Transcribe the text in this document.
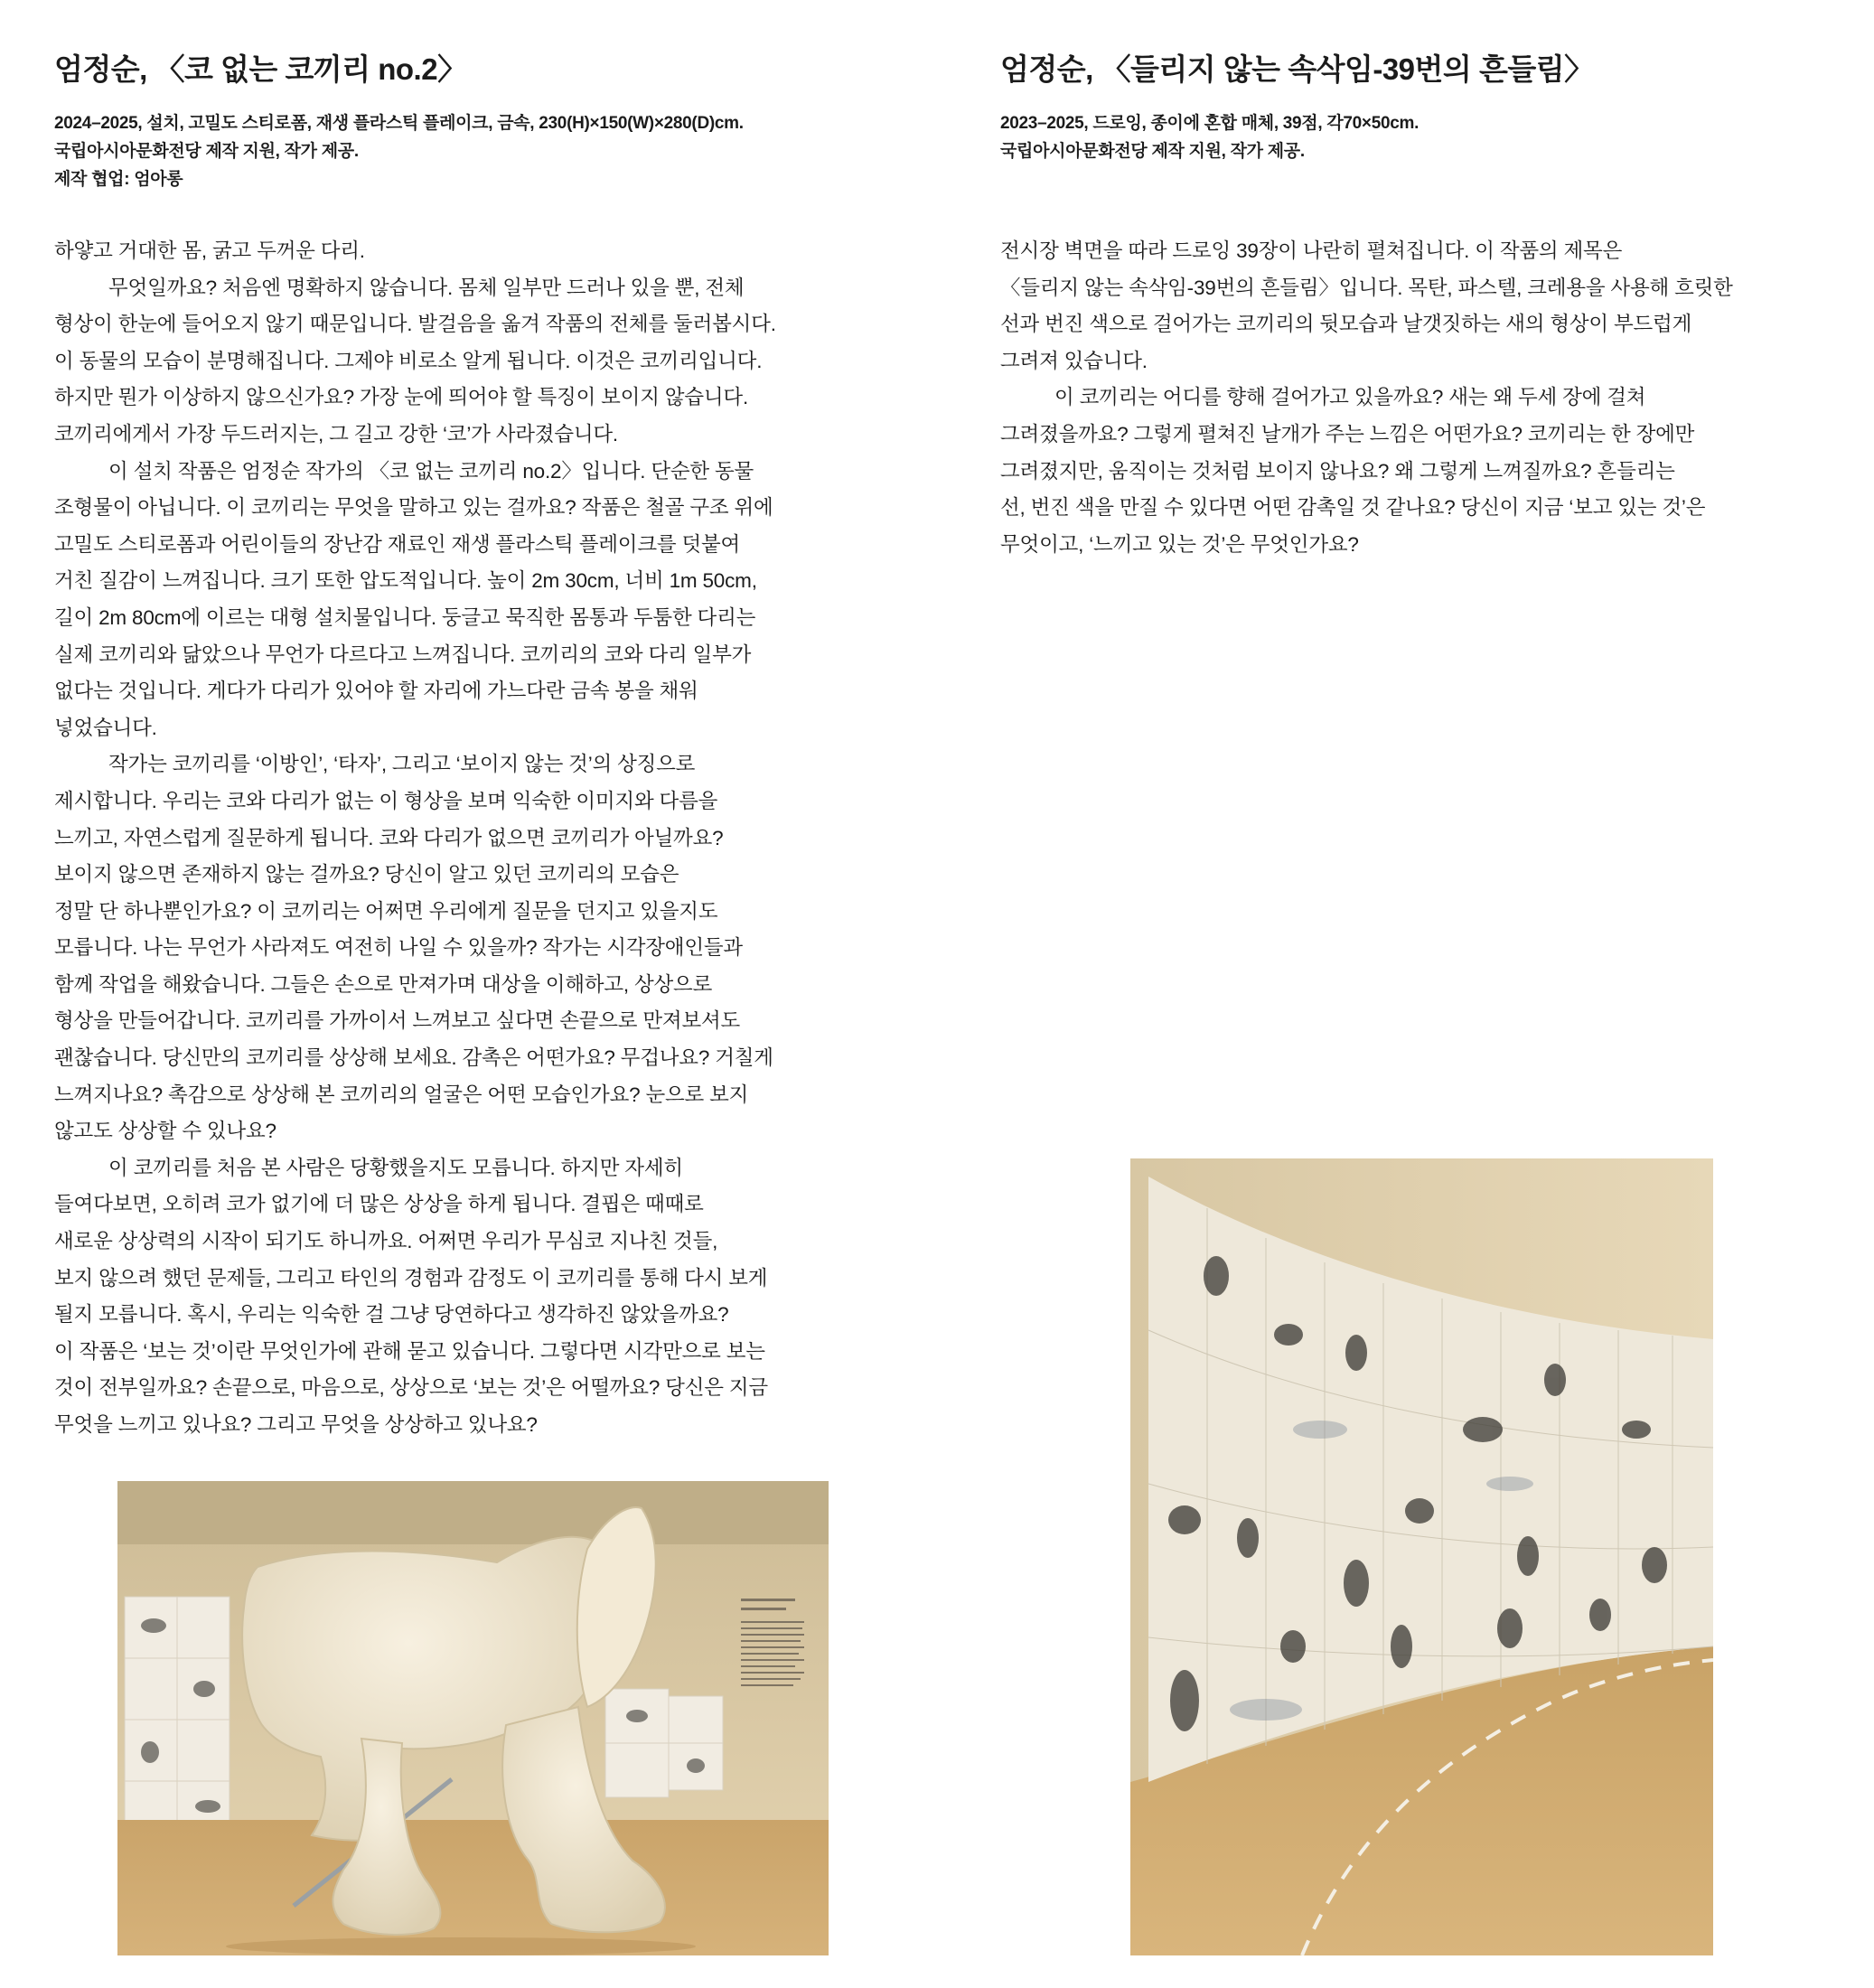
엄정순, 〈코 없는 코끼리 no.2〉

2024–2025, 설치, 고밀도 스티로폼, 재생 플라스틱 플레이크, 금속, 230(H)×150(W)×280(D)cm.

국립아시아문화전당 제작 지원, 작가 제공.

제작 협업: 엄아롱

하얗고 거대한 몸, 굵고 두꺼운 다리.
무엇일까요? 처음엔 명확하지 않습니다. 몸체 일부만 드러나 있을 뿐, 전체
형상이 한눈에 들어오지 않기 때문입니다. 발걸음을 옮겨 작품의 전체를 둘러봅시다.
이 동물의 모습이 분명해집니다. 그제야 비로소 알게 됩니다. 이것은 코끼리입니다.
하지만 뭔가 이상하지 않으신가요? 가장 눈에 띄어야 할 특징이 보이지 않습니다.
코끼리에게서 가장 두드러지는, 그 길고 강한 ‘코’가 사라졌습니다.
이 설치 작품은 엄정순 작가의 〈코 없는 코끼리 no.2〉입니다. 단순한 동물
조형물이 아닙니다. 이 코끼리는 무엇을 말하고 있는 걸까요? 작품은 철골 구조 위에
고밀도 스티로폼과 어린이들의 장난감 재료인 재생 플라스틱 플레이크를 덧붙여
거친 질감이 느껴집니다. 크기 또한 압도적입니다. 높이 2m 30cm, 너비 1m 50cm,
길이 2m 80cm에 이르는 대형 설치물입니다. 둥글고 묵직한 몸통과 두툼한 다리는
실제 코끼리와 닮았으나 무언가 다르다고 느껴집니다. 코끼리의 코와 다리 일부가
없다는 것입니다. 게다가 다리가 있어야 할 자리에 가느다란 금속 봉을 채워
넣었습니다.
작가는 코끼리를 ‘이방인’, ‘타자’, 그리고 ‘보이지 않는 것’의 상징으로
제시합니다. 우리는 코와 다리가 없는 이 형상을 보며 익숙한 이미지와 다름을
느끼고, 자연스럽게 질문하게 됩니다. 코와 다리가 없으면 코끼리가 아닐까요?
보이지 않으면 존재하지 않는 걸까요? 당신이 알고 있던 코끼리의 모습은
정말 단 하나뿐인가요? 이 코끼리는 어쩌면 우리에게 질문을 던지고 있을지도
모릅니다. 나는 무언가 사라져도 여전히 나일 수 있을까? 작가는 시각장애인들과
함께 작업을 해왔습니다. 그들은 손으로 만져가며 대상을 이해하고, 상상으로
형상을 만들어갑니다. 코끼리를 가까이서 느껴보고 싶다면 손끝으로 만져보셔도
괜찮습니다. 당신만의 코끼리를 상상해 보세요. 감촉은 어떤가요? 무겁나요? 거칠게
느껴지나요? 촉감으로 상상해 본 코끼리의 얼굴은 어떤 모습인가요? 눈으로 보지
않고도 상상할 수 있나요?
이 코끼리를 처음 본 사람은 당황했을지도 모릅니다. 하지만 자세히
들여다보면, 오히려 코가 없기에 더 많은 상상을 하게 됩니다. 결핍은 때때로
새로운 상상력의 시작이 되기도 하니까요. 어쩌면 우리가 무심코 지나친 것들,
보지 않으려 했던 문제들, 그리고 타인의 경험과 감정도 이 코끼리를 통해 다시 보게
될지 모릅니다. 혹시, 우리는 익숙한 걸 그냥 당연하다고 생각하진 않았을까요?
이 작품은 ‘보는 것’이란 무엇인가에 관해 묻고 있습니다. 그렇다면 시각만으로 보는
것이 전부일까요? 손끝으로, 마음으로, 상상으로 ‘보는 것’은 어떨까요? 당신은 지금
무엇을 느끼고 있나요? 그리고 무엇을 상상하고 있나요?
엄정순, 〈들리지 않는 속삭임-39번의 흔들림〉

2023–2025, 드로잉, 종이에 혼합 매체, 39점, 각70×50cm.

국립아시아문화전당 제작 지원, 작가 제공.

전시장 벽면을 따라 드로잉 39장이 나란히 펼쳐집니다. 이 작품의 제목은
〈들리지 않는 속삭임-39번의 흔들림〉입니다. 목탄, 파스텔, 크레용을 사용해 흐릿한
선과 번진 색으로 걸어가는 코끼리의 뒷모습과 날갯짓하는 새의 형상이 부드럽게
그려져 있습니다.
이 코끼리는 어디를 향해 걸어가고 있을까요? 새는 왜 두세 장에 걸쳐
그려졌을까요? 그렇게 펼쳐진 날개가 주는 느낌은 어떤가요? 코끼리는 한 장에만
그려졌지만, 움직이는 것처럼 보이지 않나요? 왜 그렇게 느껴질까요? 흔들리는
선, 번진 색을 만질 수 있다면 어떤 감촉일 것 같나요? 당신이 지금 ‘보고 있는 것’은
무엇이고, ‘느끼고 있는 것’은 무엇인가요?
